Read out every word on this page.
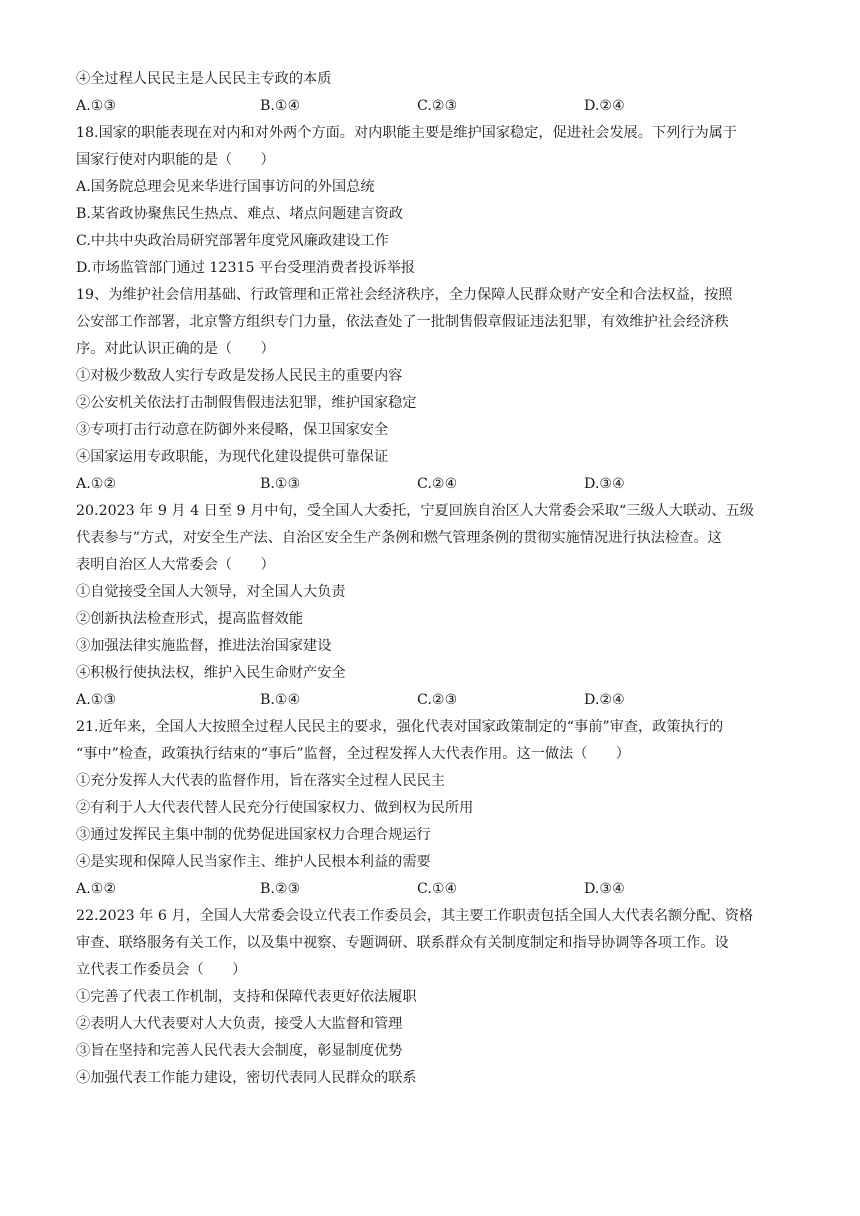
④全过程人民民主是人民民主专政的本质
A.①③	B.①④	C.②③	D.②④
18.国家的职能表现在对内和对外两个方面。对内职能主要是维护国家稳定，促进社会发展。下列行为属于
国家行使对内职能的是（　　）
A.国务院总理会见来华进行国事访问的外国总统
B.某省政协聚焦民生热点、难点、堵点问题建言资政
C.中共中央政治局研究部署年度党风廉政建设工作
D.市场监管部门通过 12315 平台受理消费者投诉举报
19、为维护社会信用基础、行政管理和正常社会经济秩序，全力保障人民群众财产安全和合法权益，按照
公安部工作部署，北京警方组织专门力量，依法查处了一批制售假章假证违法犯罪，有效维护社会经济秩
序。对此认识正确的是（　　）
①对极少数敌人实行专政是发扬人民民主的重要内容
②公安机关依法打击制假售假违法犯罪，维护国家稳定
③专项打击行动意在防御外来侵略，保卫国家安全
④国家运用专政职能，为现代化建设提供可靠保证
A.①②	B.①③	C.②④	D.③④
20.2023 年 9 月 4 日至 9 月中旬，受全国人大委托，宁夏回族自治区人大常委会采取“三级人大联动、五级
代表参与”方式，对安全生产法、自治区安全生产条例和燃气管理条例的贯彻实施情况进行执法检查。这
表明自治区人大常委会（　　）
①自觉接受全国人大领导，对全国人大负责
②创新执法检查形式，提高监督效能
③加强法律实施监督，推进法治国家建设
④积极行使执法权，维护入民生命财产安全
A.①③	B.①④	C.②③	D.②④
21.近年来，全国人大按照全过程人民民主的要求，强化代表对国家政策制定的“事前”审查，政策执行的
“事中”检查，政策执行结束的“事后”监督，全过程发挥人大代表作用。这一做法（　　）
①充分发挥人大代表的监督作用，旨在落实全过程人民民主
②有利于人大代表代替人民充分行使国家权力、做到权为民所用
③通过发挥民主集中制的优势促进国家权力合理合规运行
④是实现和保障人民当家作主、维护人民根本利益的需要
A.①②	B.②③	C.①④	D.③④
22.2023 年 6 月，全国人大常委会设立代表工作委员会，其主要工作职责包括全国人大代表名额分配、资格
审查、联络服务有关工作，以及集中视察、专题调研、联系群众有关制度制定和指导协调等各项工作。设
立代表工作委员会（　　）
①完善了代表工作机制，支持和保障代表更好依法履职
②表明人大代表要对人大负责，接受人大监督和管理
③旨在坚持和完善人民代表大会制度，彰显制度优势
④加强代表工作能力建设，密切代表同人民群众的联系
